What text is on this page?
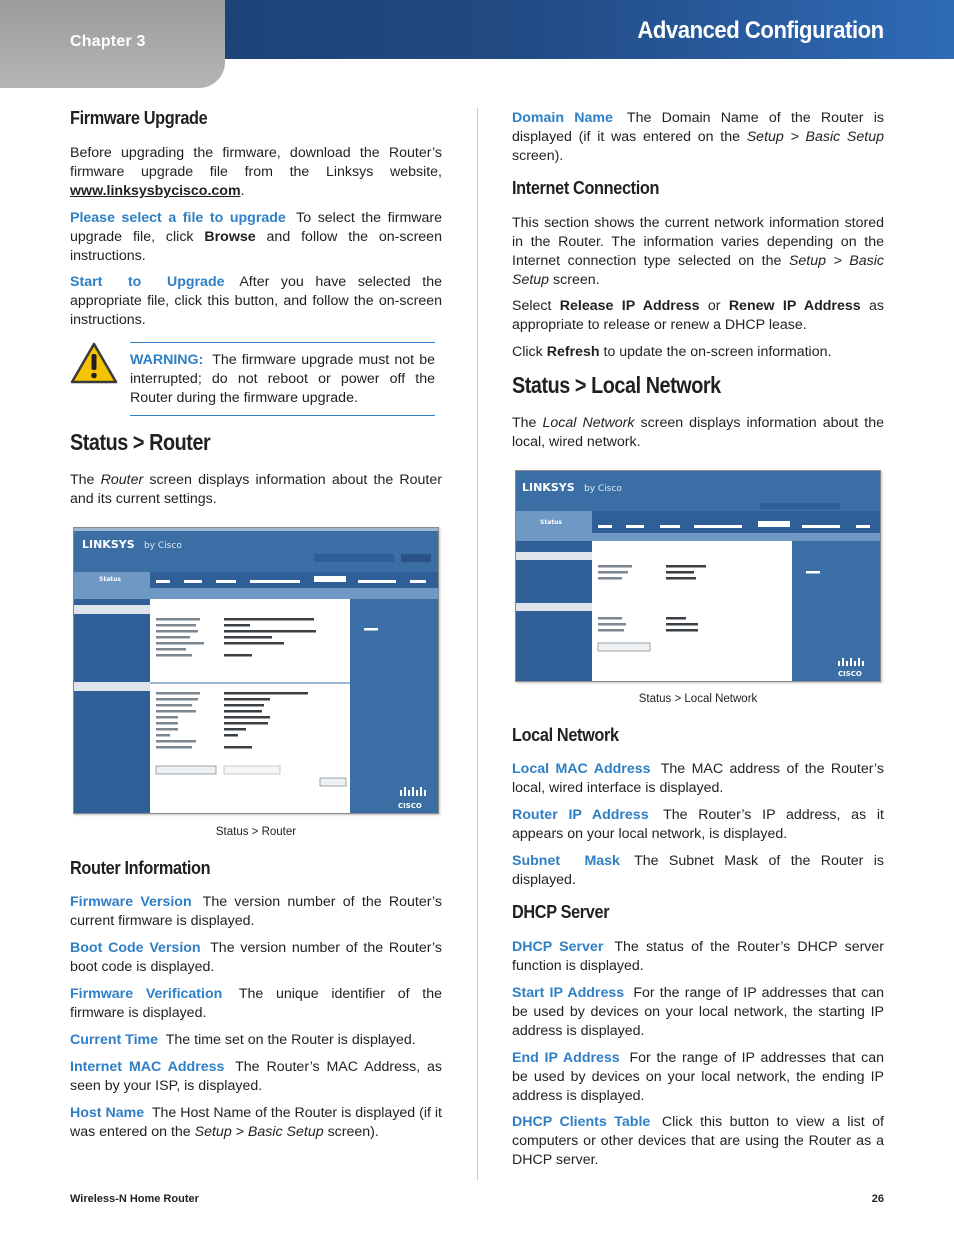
Chapter 3	Advanced Configuration
Firmware Upgrade

Before upgrading the firmware, download the Router’s firmware upgrade file from the Linksys website, www.linksysbycisco.com.

Please select a file to upgrade To select the firmware upgrade file, click Browse and follow the on-screen instructions.

Start to Upgrade After you have selected the appropriate file, click this button, and follow the on-screen instructions.

WARNING: The firmware upgrade must not be interrupted; do not reboot or power off the Router during the firmware upgrade.

Status > Router

The Router screen displays information about the Router and its current settings.

LINKSYS by Cisco
Status
CISCO
Status > Router
Router Information

Firmware Version The version number of the Router’s current firmware is displayed.

Boot Code Version The version number of the Router’s boot code is displayed.

Firmware Verification The unique identifier of the firmware is displayed.

Current Time The time set on the Router is displayed.

Internet MAC Address The Router’s MAC Address, as seen by your ISP, is displayed.

Host Name The Host Name of the Router is displayed (if it was entered on the Setup > Basic Setup screen).

Domain Name The Domain Name of the Router is displayed (if it was entered on the Setup > Basic Setup screen).

Internet Connection

This section shows the current network information stored in the Router. The information varies depending on the Internet connection type selected on the Setup > Basic Setup screen.

Select Release IP Address or Renew IP Address as appropriate to release or renew a DHCP lease.

Click Refresh to update the on-screen information.

Status > Local Network

The Local Network screen displays information about the local, wired network.

LINKSYS by Cisco
Status
CISCO
Status > Local Network
Local Network

Local MAC Address The MAC address of the Router’s local, wired interface is displayed.

Router IP Address The Router’s IP address, as it appears on your local network, is displayed.

Subnet Mask The Subnet Mask of the Router is displayed.

DHCP Server

DHCP Server The status of the Router’s DHCP server function is displayed.

Start IP Address For the range of IP addresses that can be used by devices on your local network, the starting IP address is displayed.

End IP Address For the range of IP addresses that can be used by devices on your local network, the ending IP address is displayed.

DHCP Clients Table Click this button to view a list of computers or other devices that are using the Router as a DHCP server.

Wireless-N Home Router	26
